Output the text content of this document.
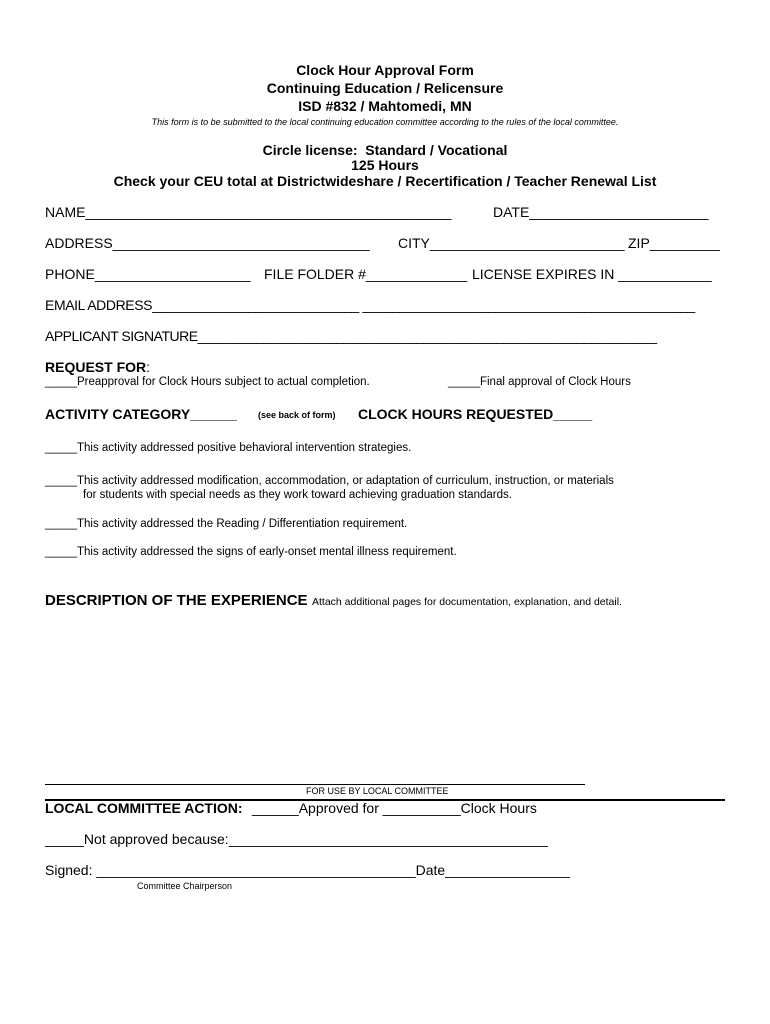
Clock Hour Approval Form
Continuing Education / Relicensure
ISD #832 / Mahtomedi, MN
This form is to be submitted to the local continuing education committee according to the rules of the local committee.
Circle license:  Standard / Vocational
125 Hours
Check your CEU total at Districtwideshare / Recertification / Teacher Renewal List
NAME_______________________________________________	DATE_______________________
ADDRESS_________________________________ CITY_________________________ ZIP_________
PHONE____________________ FILE FOLDER #_____________ LICENSE EXPIRES IN ____________
EMAIL ADDRESS____________________________ _____________________________________________
APPLICANT SIGNATURE_______________________________________________________________
REQUEST FOR:
_____Preapproval for Clock Hours subject to actual completion.	_____Final approval of Clock Hours
ACTIVITY CATEGORY______ (see back of form) CLOCK HOURS REQUESTED_____
_____This activity addressed positive behavioral intervention strategies.
_____This activity addressed modification, accommodation, or adaptation of curriculum, instruction, or materials
for students with special needs as they work toward achieving graduation standards.
_____This activity addressed the Reading / Differentiation requirement.
_____This activity addressed the signs of early-onset mental illness requirement.
DESCRIPTION OF THE EXPERIENCE Attach additional pages for documentation, explanation, and detail.
FOR USE BY LOCAL COMMITTEE
LOCAL COMMITTEE ACTION: ______Approved for __________Clock Hours
_____Not approved because:_________________________________________
Signed: _________________________________________Date________________
Committee Chairperson
